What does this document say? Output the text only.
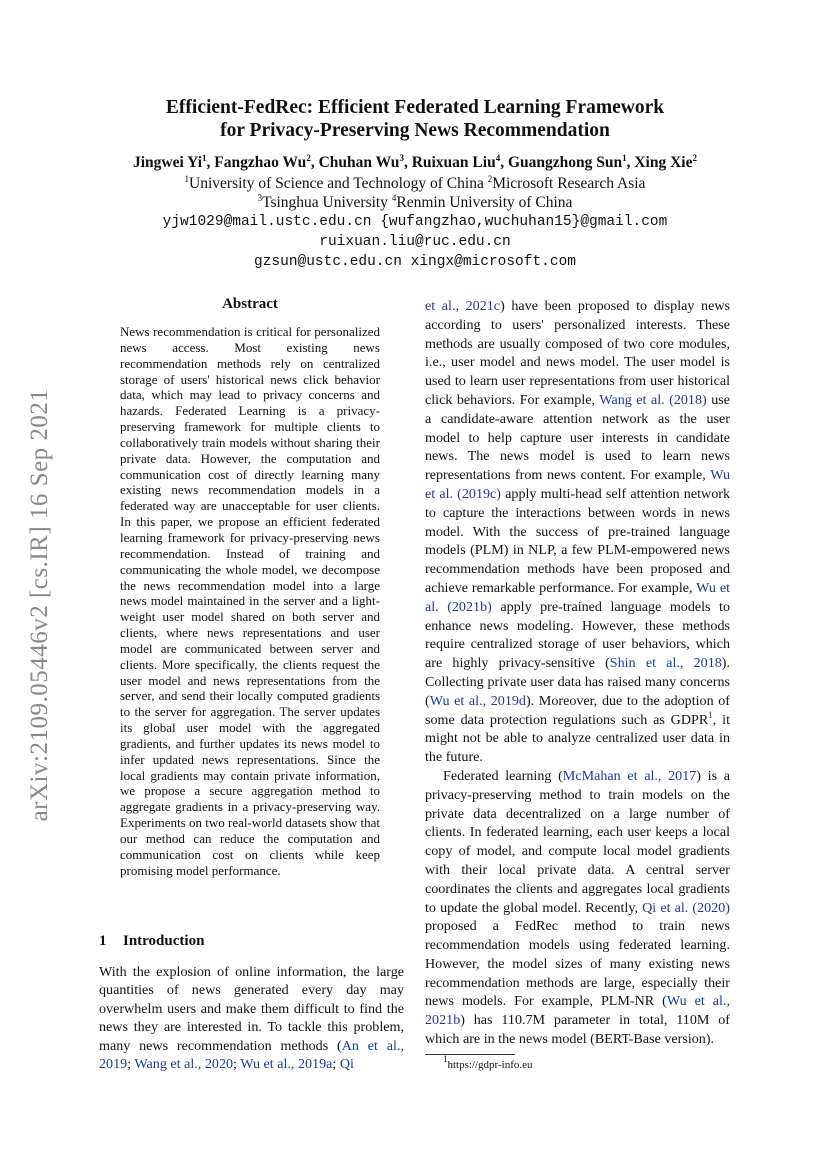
arXiv:2109.05446v2 [cs.IR] 16 Sep 2021
Efficient-FedRec: Efficient Federated Learning Framework
for Privacy-Preserving News Recommendation
Jingwei Yi$^1$, Fangzhao Wu$^2$, Chuhan Wu$^3$, Ruixuan Liu$^4$, Guangzhong Sun$^1$, Xing Xie$^2$
$^1$University of Science and Technology of China $^2$Microsoft Research Asia
$^3$Tsinghua University $^4$Renmin University of China
yjw1029@mail.ustc.edu.cn {wufangzhao,wuchuhan15}@gmail.com
ruixuan.liu@ruc.edu.cn
gzsun@ustc.edu.cn xingx@microsoft.com
Abstract
News recommendation is critical for personalized news access. Most existing news recommendation methods rely on centralized storage of users' historical news click behavior data, which may lead to privacy concerns and hazards. Federated Learning is a privacy-preserving framework for multiple clients to collaboratively train models without sharing their private data. However, the computation and communication cost of directly learning many existing news recommendation models in a federated way are unacceptable for user clients. In this paper, we propose an efficient federated learning framework for privacy-preserving news recommendation. Instead of training and communicating the whole model, we decompose the news recommendation model into a large news model maintained in the server and a light-weight user model shared on both server and clients, where news representations and user model are communicated between server and clients. More specifically, the clients request the user model and news representations from the server, and send their locally computed gradients to the server for aggregation. The server updates its global user model with the aggregated gradients, and further updates its news model to infer updated news representations. Since the local gradients may contain private information, we propose a secure aggregation method to aggregate gradients in a privacy-preserving way. Experiments on two real-world datasets show that our method can reduce the computation and communication cost on clients while keep promising model performance.
1 Introduction
With the explosion of online information, the large quantities of news generated every day may overwhelm users and make them difficult to find the news they are interested in. To tackle this problem, many news recommendation methods (An et al., 2019; Wang et al., 2020; Wu et al., 2019a; Qi

et al., 2021c) have been proposed to display news according to users' personalized interests. These methods are usually composed of two core modules, i.e., user model and news model. The user model is used to learn user representations from user historical click behaviors. For example, Wang et al. (2018) use a candidate-aware attention network as the user model to help capture user interests in candidate news. The news model is used to learn news representations from news content. For example, Wu et al. (2019c) apply multi-head self attention network to capture the interactions between words in news model. With the success of pre-trained language models (PLM) in NLP, a few PLM-empowered news recommendation methods have been proposed and achieve remarkable performance. For example, Wu et al. (2021b) apply pre-trained language models to enhance news modeling. However, these methods require centralized storage of user behaviors, which are highly privacy-sensitive (Shin et al., 2018). Collecting private user data has raised many concerns (Wu et al., 2019d). Moreover, due to the adoption of some data protection regulations such as GDPR$^1$, it might not be able to analyze centralized user data in the future.

Federated learning (McMahan et al., 2017) is a privacy-preserving method to train models on the private data decentralized on a large number of clients. In federated learning, each user keeps a local copy of model, and compute local model gradients with their local private data. A central server coordinates the clients and aggregates local gradients to update the global model. Recently, Qi et al. (2020) proposed a FedRec method to train news recommendation models using federated learning. However, the model sizes of many existing news recommendation methods are large, especially their news models. For example, PLM-NR (Wu et al., 2021b) has 110.7M parameter in total, 110M of which are in the news model (BERT-Base version).

$^1$https://gdpr-info.eu
